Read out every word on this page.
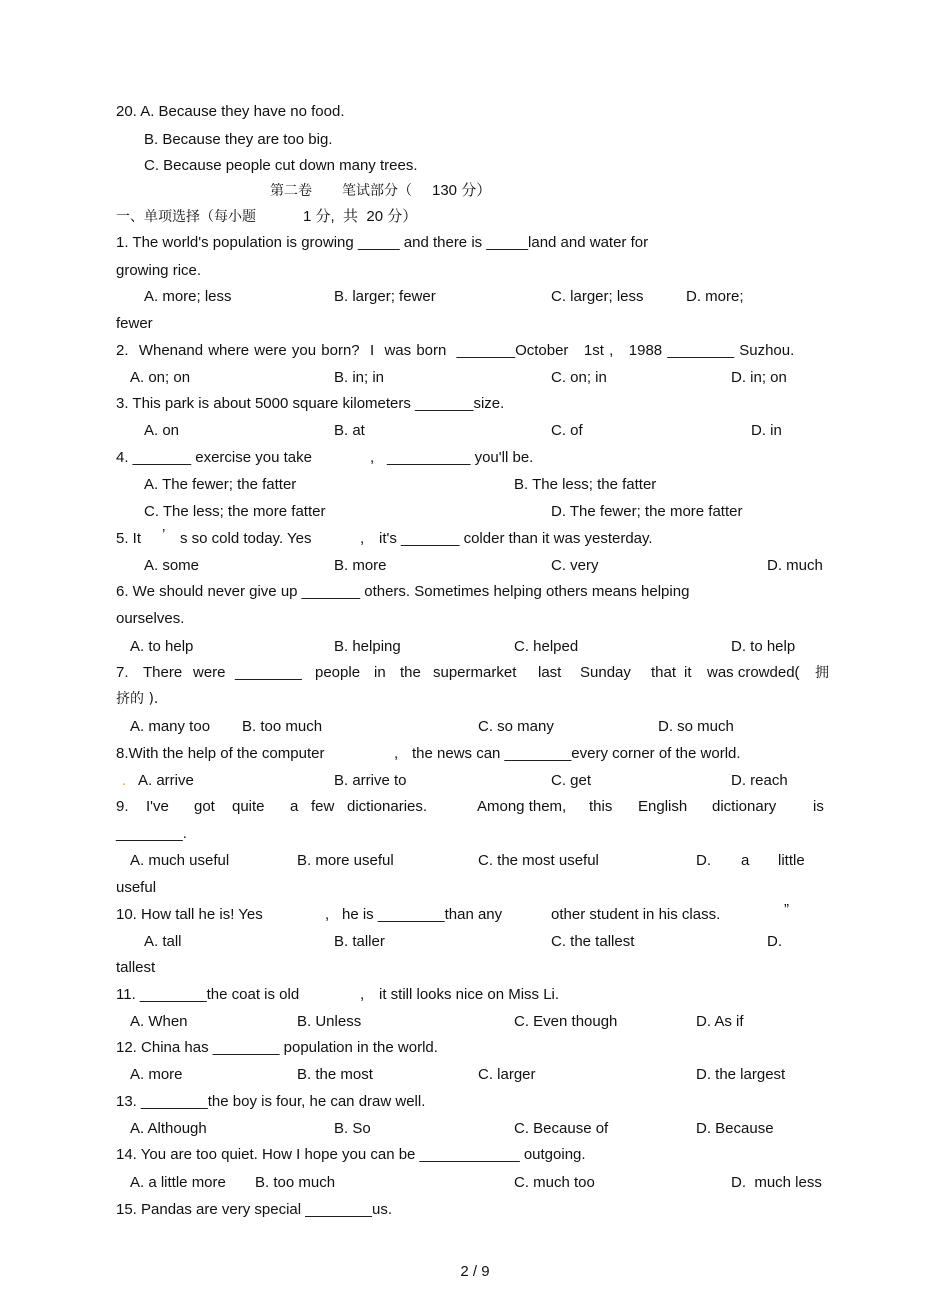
20. A. Because they have no food.
B. Because they are too big.
C. Because people cut down many trees.
第二卷 笔试部分（ 130 分）
一、单项选择（每小题	1 分,  共  20 分）
1. The world's population is growing _____ and there is _____land and water for
growing rice.
A. more; less	B. larger; fewer	C. larger; less	D. more;
fewer
2.  Whenand where were you born?  I  was born  _______October   1st ,   1988 ________ Suzhou.
A. on; on	B. in; in	C. on; in	D. in; on
3. This park is about 5000 square kilometers _______size.
A. on	B. at	C. of	D. in
4. _______ exercise you take	, __________ you'll be.
A. The fewer; the fatter	B. The less; the fatter
C. The less; the more fatter	D. The fewer; the more fatter
5. It ’ s so cold today. Yes	, it's _______ colder than it was yesterday.
A. some	B. more	C. very	D. much
6. We should never give up _______ others. Sometimes helping others means helping
ourselves.
A. to help	B. helping	C. helped	D. to help
7. There were ________ people in the supermarket last Sunday that it was crowded( 拥
挤的 ).
A. many too B. too much	C. so many	D. so much
8.With the help of the computer	, the news can ________every corner of the world.
. A. arrive	B. arrive to	C. get	D. reach
9. I've got quite a few dictionaries.	Among them, this English dictionary is
________.
A. much useful	B. more useful	C. the most useful	D. a little
useful
10. How tall he is! Yes	, he is ________than any	other student in his class.	”
A. tall	B. taller	C. the tallest	D.
tallest
11. ________the coat is old	, it still looks nice on Miss Li.
A. When	B. Unless	C. Even though	D. As if
12. China has ________ population in the world.
A. more	B. the most	C. larger	D. the largest
13. ________the boy is four, he can draw well.
A. Although	B. So	C. Because of	D. Because
14. You are too quiet. How I hope you can be ____________ outgoing.
A. a little more B. too much	C. much too	D.  much less
15. Pandas are very special ________us.
2 / 9
